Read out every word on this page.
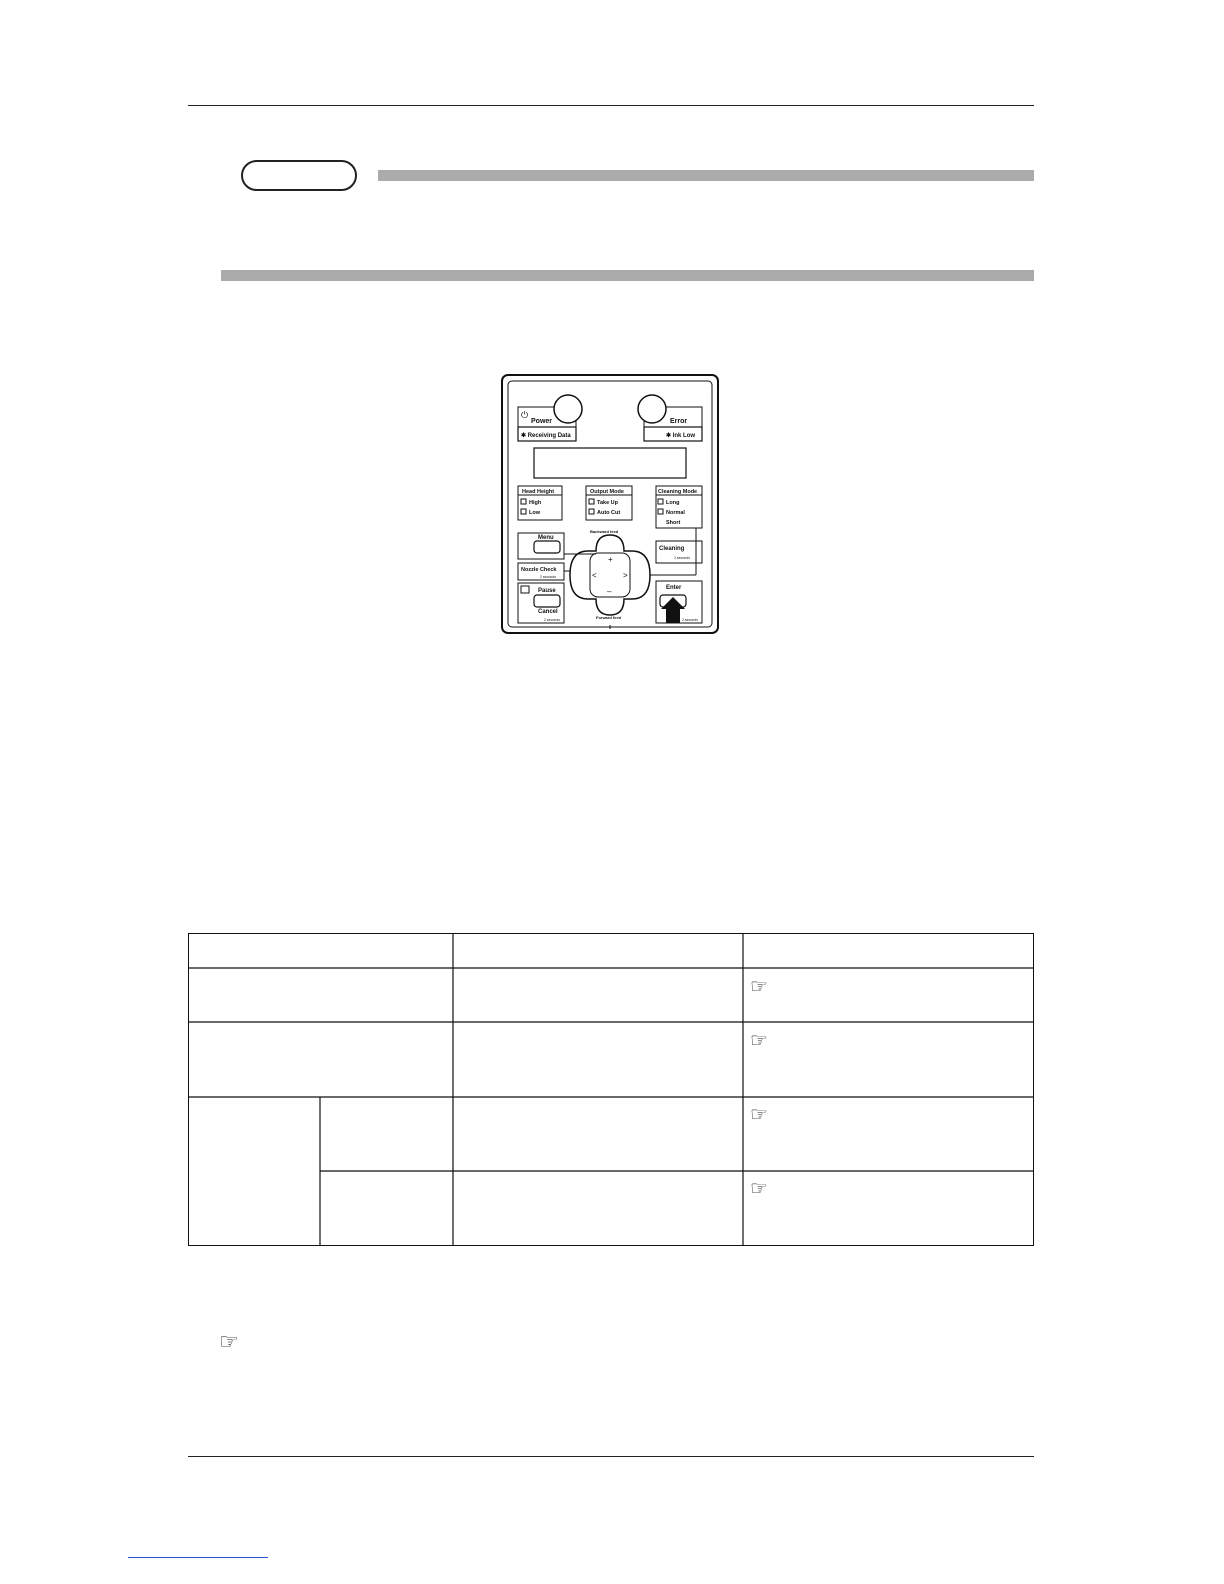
⏻
Power
✱ Receiving Data
Error
✱ Ink Low
Head Height
High
Low
Output Mode
Take Up
Auto Cut
Cleaning Mode
Long
Normal
Short
Menu
Nozzle Check
2 seconds
Pause
Cancel
2 seconds
Backward feed
+
–
<	>
Forward feed
Cleaning
2 seconds
Enter
2 seconds
☞
☞
☞
☞
☞
